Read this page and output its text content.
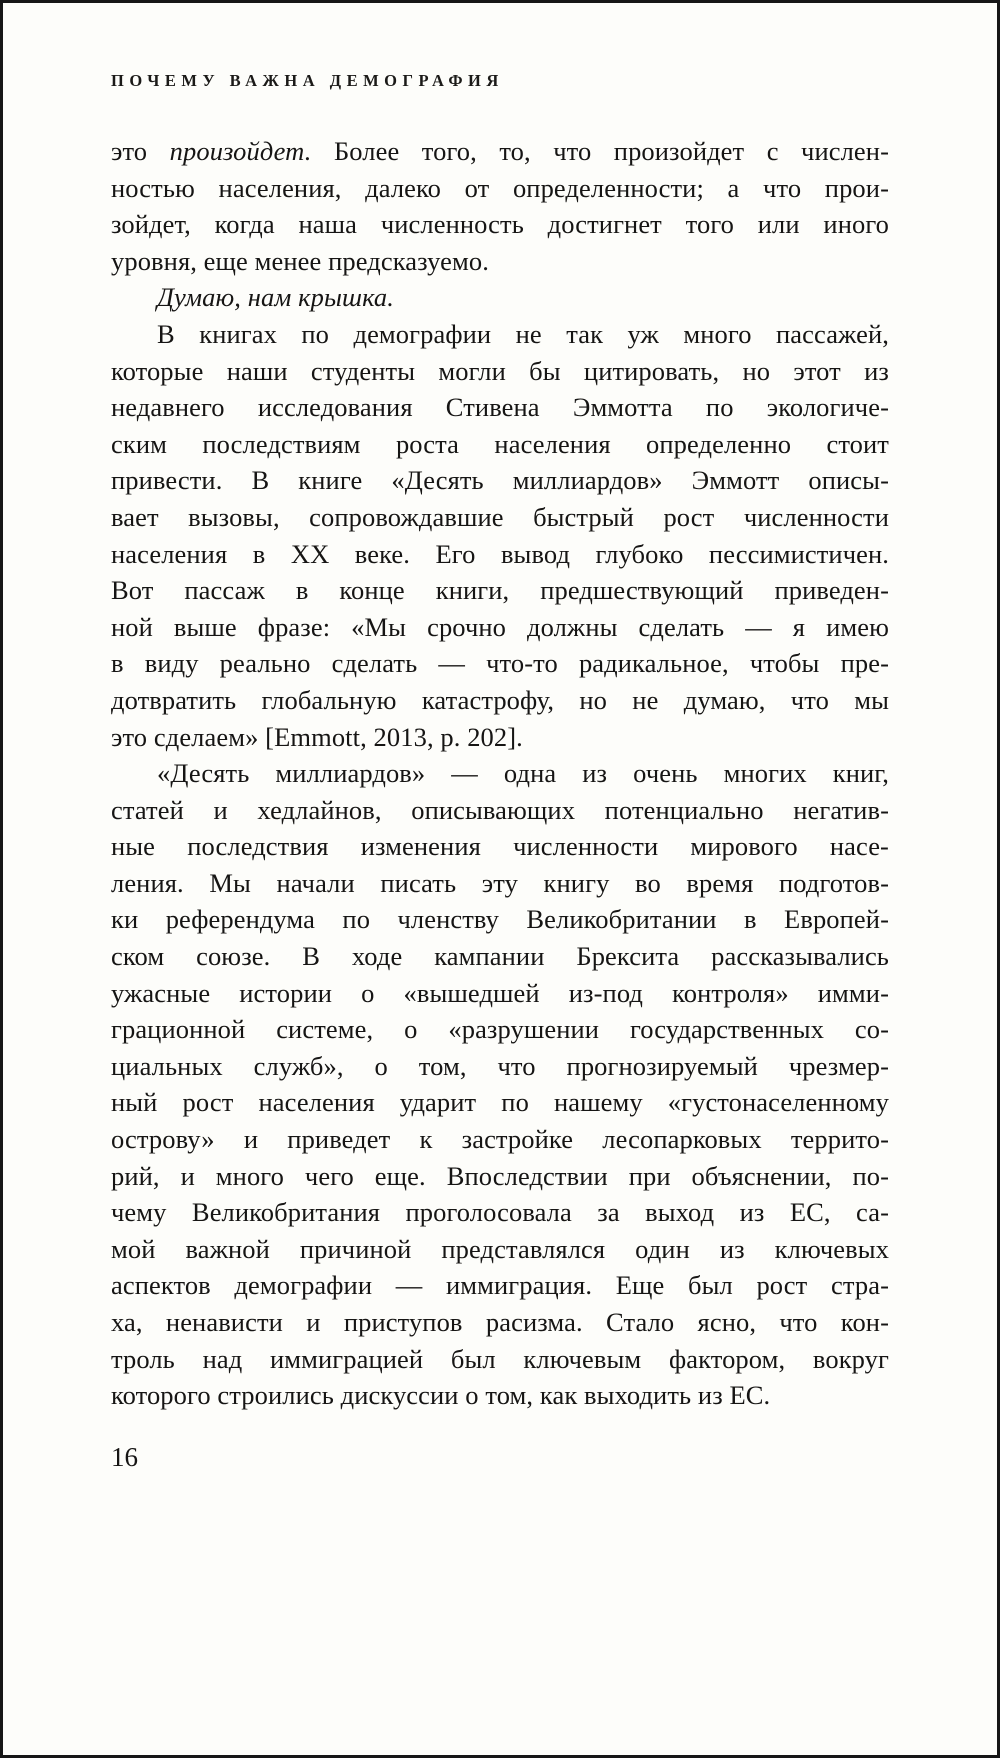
ПОЧЕМУ ВАЖНА ДЕМОГРАФИЯ
это произойдет. Более того, то, что произойдет с числен-
ностью населения, далеко от определенности; а что прои-
зойдет, когда наша численность достигнет того или иного
уровня, еще менее предсказуемо.
Думаю, нам крышка.
В книгах по демографии не так уж много пассажей,
которые наши студенты могли бы цитировать, но этот из
недавнего исследования Стивена Эммотта по экологиче-
ским последствиям роста населения определенно стоит
привести. В книге «Десять миллиардов» Эммотт описы-
вает вызовы, сопровождавшие быстрый рост численности
населения в XX веке. Его вывод глубоко пессимистичен.
Вот пассаж в конце книги, предшествующий приведен-
ной выше фразе: «Мы срочно должны сделать — я имею
в виду реально сделать — что-то радикальное, чтобы пре-
дотвратить глобальную катастрофу, но не думаю, что мы
это сделаем» [Emmott, 2013, p. 202].
«Десять миллиардов» — одна из очень многих книг,
статей и хедлайнов, описывающих потенциально негатив-
ные последствия изменения численности мирового насе-
ления. Мы начали писать эту книгу во время подготов-
ки референдума по членству Великобритании в Европей-
ском союзе. В ходе кампании Брексита рассказывались
ужасные истории о «вышедшей из-под контроля» имми-
грационной системе, о «разрушении государственных со-
циальных служб», о том, что прогнозируемый чрезмер-
ный рост населения ударит по нашему «густонаселенному
острову» и приведет к застройке лесопарковых террито-
рий, и много чего еще. Впоследствии при объяснении, по-
чему Великобритания проголосовала за выход из ЕС, са-
мой важной причиной представлялся один из ключевых
аспектов демографии — иммиграция. Еще был рост стра-
ха, ненависти и приступов расизма. Стало ясно, что кон-
троль над иммиграцией был ключевым фактором, вокруг
которого строились дискуссии о том, как выходить из ЕС.
16
